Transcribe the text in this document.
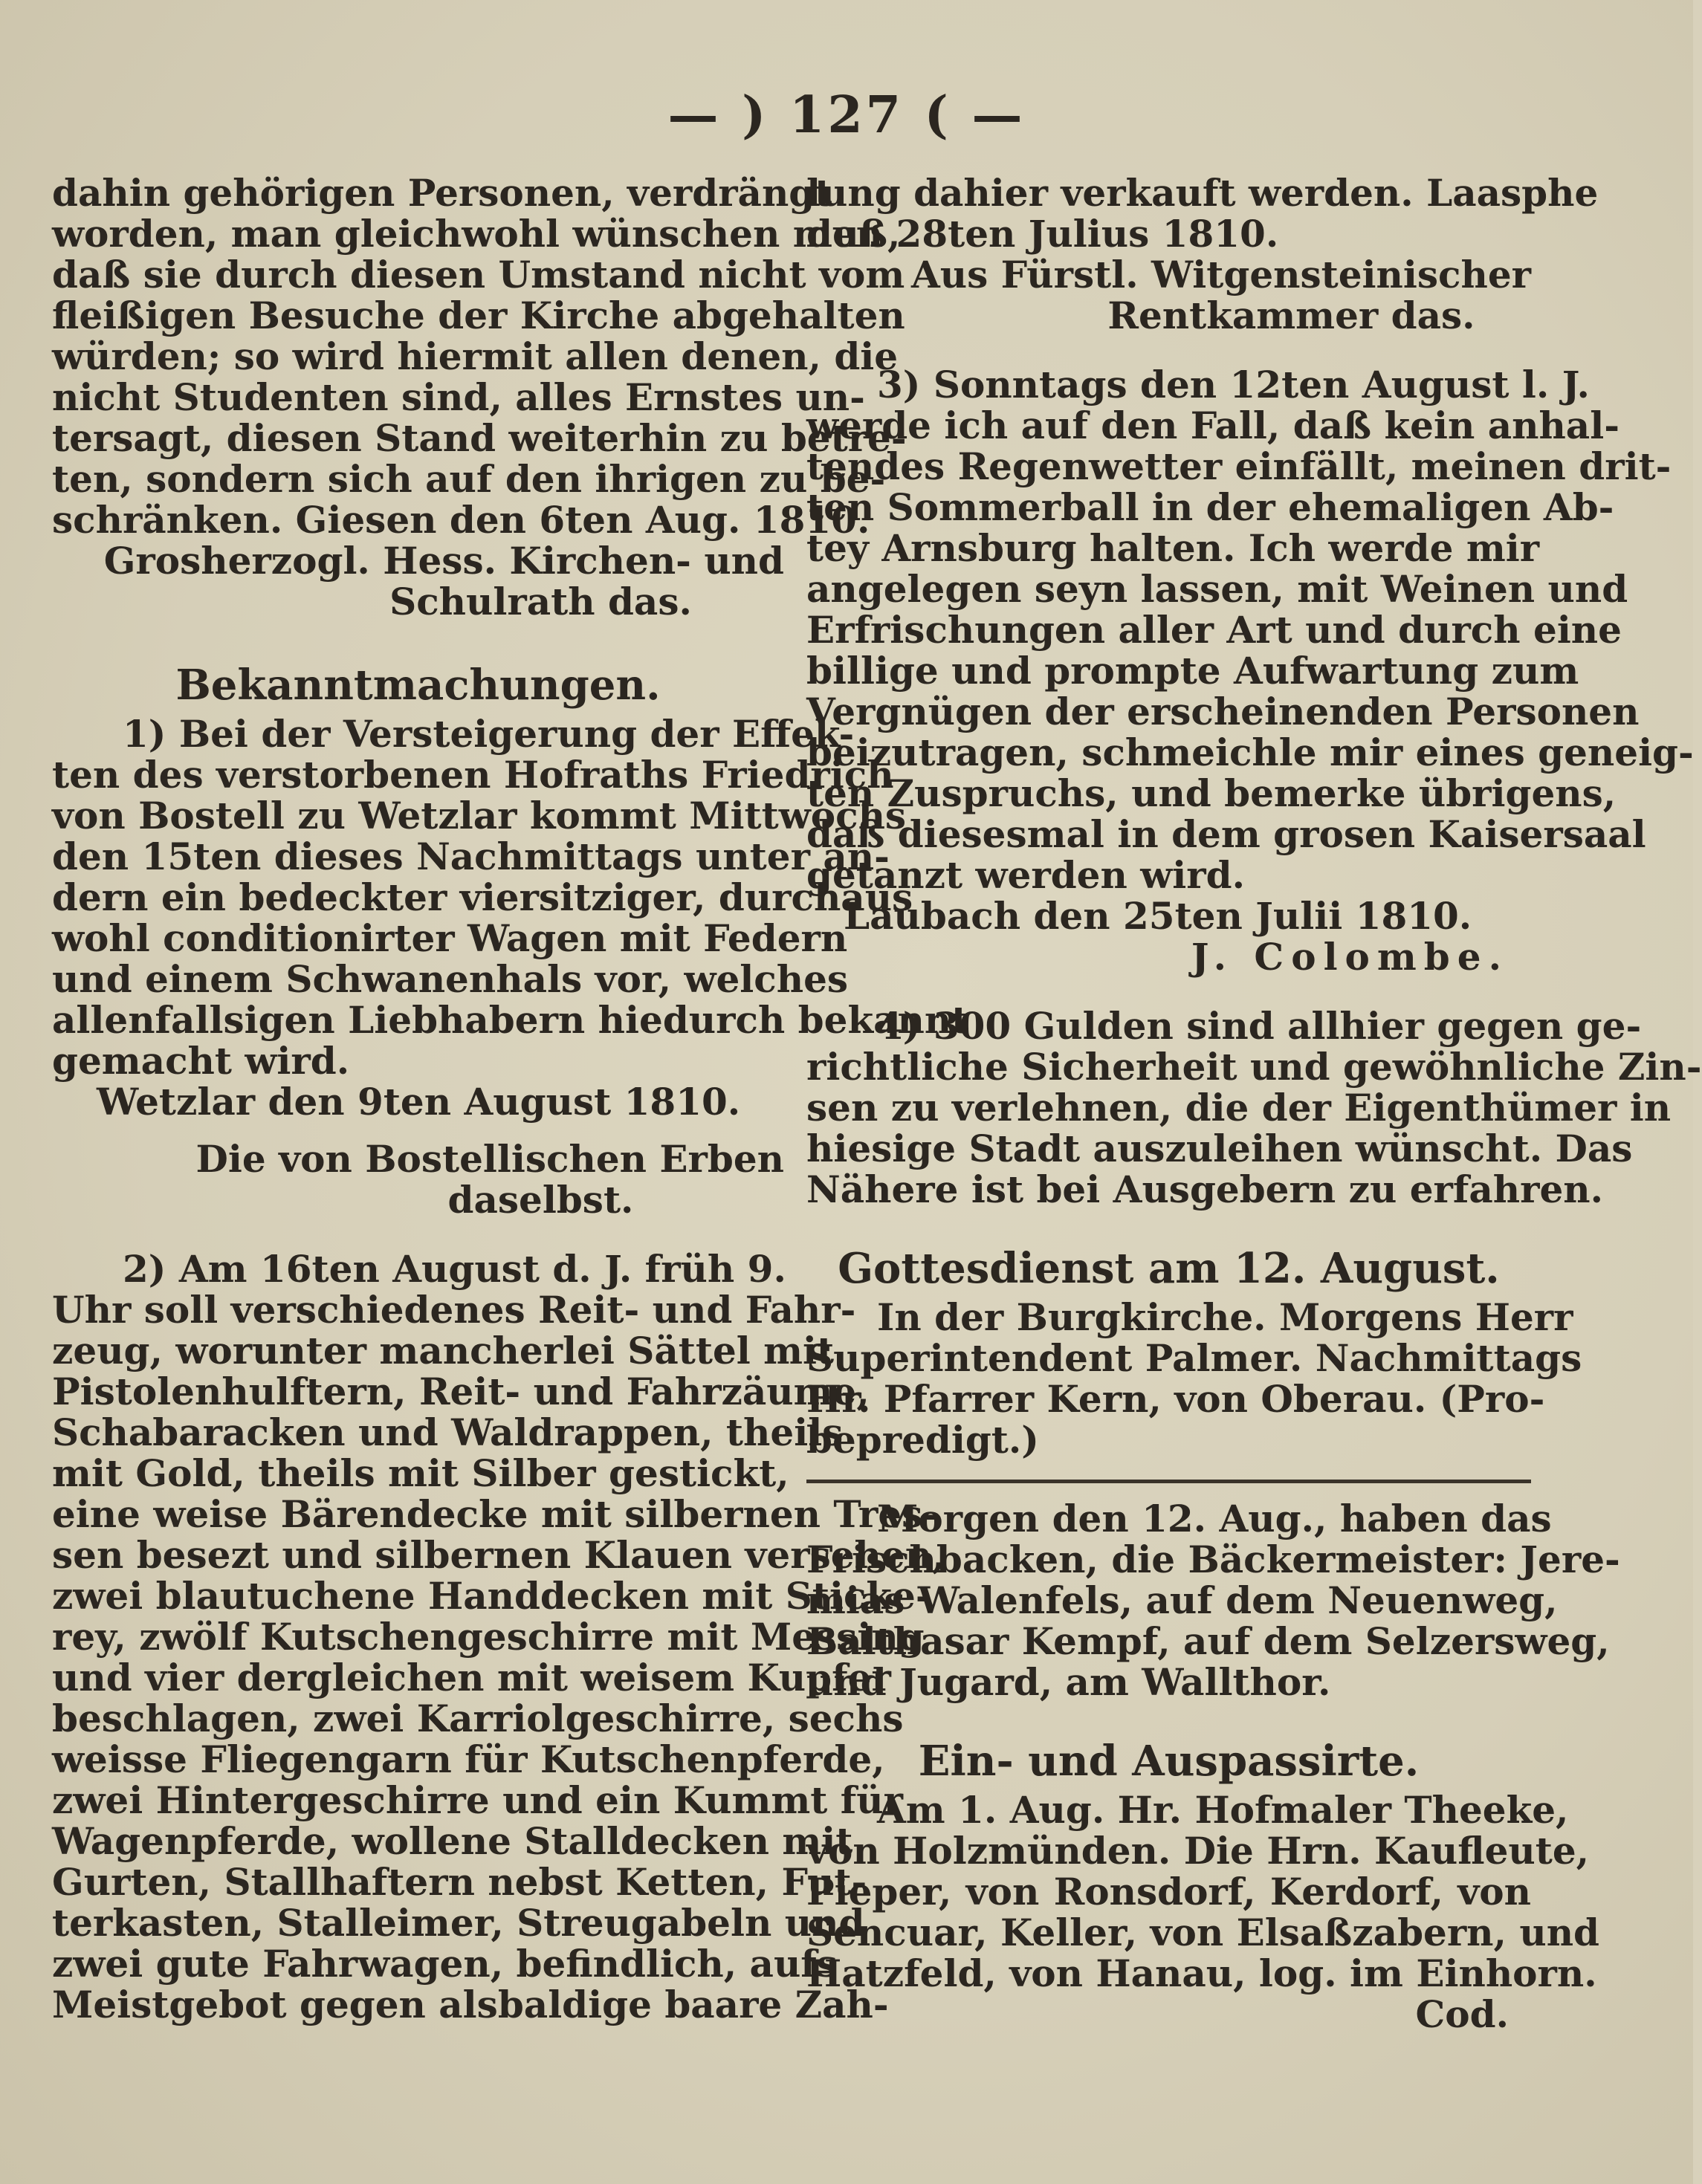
— ) 127 ( —
dahin gehörigen Personen, verdrängt
worden, man gleichwohl wünschen muß,
daß sie durch diesen Umstand nicht vom
fleißigen Besuche der Kirche abgehalten
würden; so wird hiermit allen denen, die
nicht Studenten sind, alles Ernstes un-
tersagt, diesen Stand weiterhin zu betre-
ten, sondern sich auf den ihrigen zu be-
schränken. Giesen den 6ten Aug. 1810.
Grosherzogl. Hess. Kirchen- und
Schulrath das.
Bekanntmachungen.
1) Bei der Versteigerung der Effek-
ten des verstorbenen Hofraths Friedrich
von Bostell zu Wetzlar kommt Mittwochs
den 15ten dieses Nachmittags unter an-
dern ein bedeckter viersitziger, durchaus
wohl conditionirter Wagen mit Federn
und einem Schwanenhals vor, welches
allenfallsigen Liebhabern hiedurch bekannt
gemacht wird.
Wetzlar den 9ten August 1810.
Die von Bostellischen Erben
daselbst.
2) Am 16ten August d. J. früh 9.
Uhr soll verschiedenes Reit- und Fahr-
zeug, worunter mancherlei Sättel mit
Pistolenhulftern, Reit- und Fahrzäume,
Schabaracken und Waldrappen, theils
mit Gold, theils mit Silber gestickt,
eine weise Bärendecke mit silbernen Tres-
sen besezt und silbernen Klauen versehen,
zwei blautuchene Handdecken mit Sticke-
rey, zwölf Kutschengeschirre mit Messing
und vier dergleichen mit weisem Kupfer
beschlagen, zwei Karriolgeschirre, sechs
weisse Fliegengarn für Kutschenpferde,
zwei Hintergeschirre und ein Kummt für
Wagenpferde, wollene Stalldecken mit
Gurten, Stallhaftern nebst Ketten, Fut-
terkasten, Stalleimer, Streugabeln und
zwei gute Fahrwagen, befindlich, aufs
Meistgebot gegen alsbaldige baare Zah-
lung dahier verkauft werden. Laasphe
den 28ten Julius 1810.
Aus Fürstl. Witgensteinischer
Rentkammer das.
3) Sonntags den 12ten August l. J.
werde ich auf den Fall, daß kein anhal-
tendes Regenwetter einfällt, meinen drit-
ten Sommerball in der ehemaligen Ab-
tey Arnsburg halten. Ich werde mir
angelegen seyn lassen, mit Weinen und
Erfrischungen aller Art und durch eine
billige und prompte Aufwartung zum
Vergnügen der erscheinenden Personen
beizutragen, schmeichle mir eines geneig-
ten Zuspruchs, und bemerke übrigens,
daß diesesmal in dem grosen Kaisersaal
getanzt werden wird.
Laubach den 25ten Julii 1810.
J. Colombe.
4) 300 Gulden sind allhier gegen ge-
richtliche Sicherheit und gewöhnliche Zin-
sen zu verlehnen, die der Eigenthümer in
hiesige Stadt auszuleihen wünscht. Das
Nähere ist bei Ausgebern zu erfahren.
Gottesdienst am 12. August.
In der Burgkirche. Morgens Herr
Superintendent Palmer. Nachmittags
Hr. Pfarrer Kern, von Oberau. (Pro-
bepredigt.)
Morgen den 12. Aug., haben das
Frischbacken, die Bäckermeister: Jere-
mias Walenfels, auf dem Neuenweg,
Balthasar Kempf, auf dem Selzersweg,
und Jugard, am Wallthor.
Ein- und Auspassirte.
Am 1. Aug. Hr. Hofmaler Theeke,
von Holzmünden. Die Hrn. Kaufleute,
Pieper, von Ronsdorf, Kerdorf, von
Sencuar, Keller, von Elsaßzabern, und
Hatzfeld, von Hanau, log. im Einhorn.
Cod.
